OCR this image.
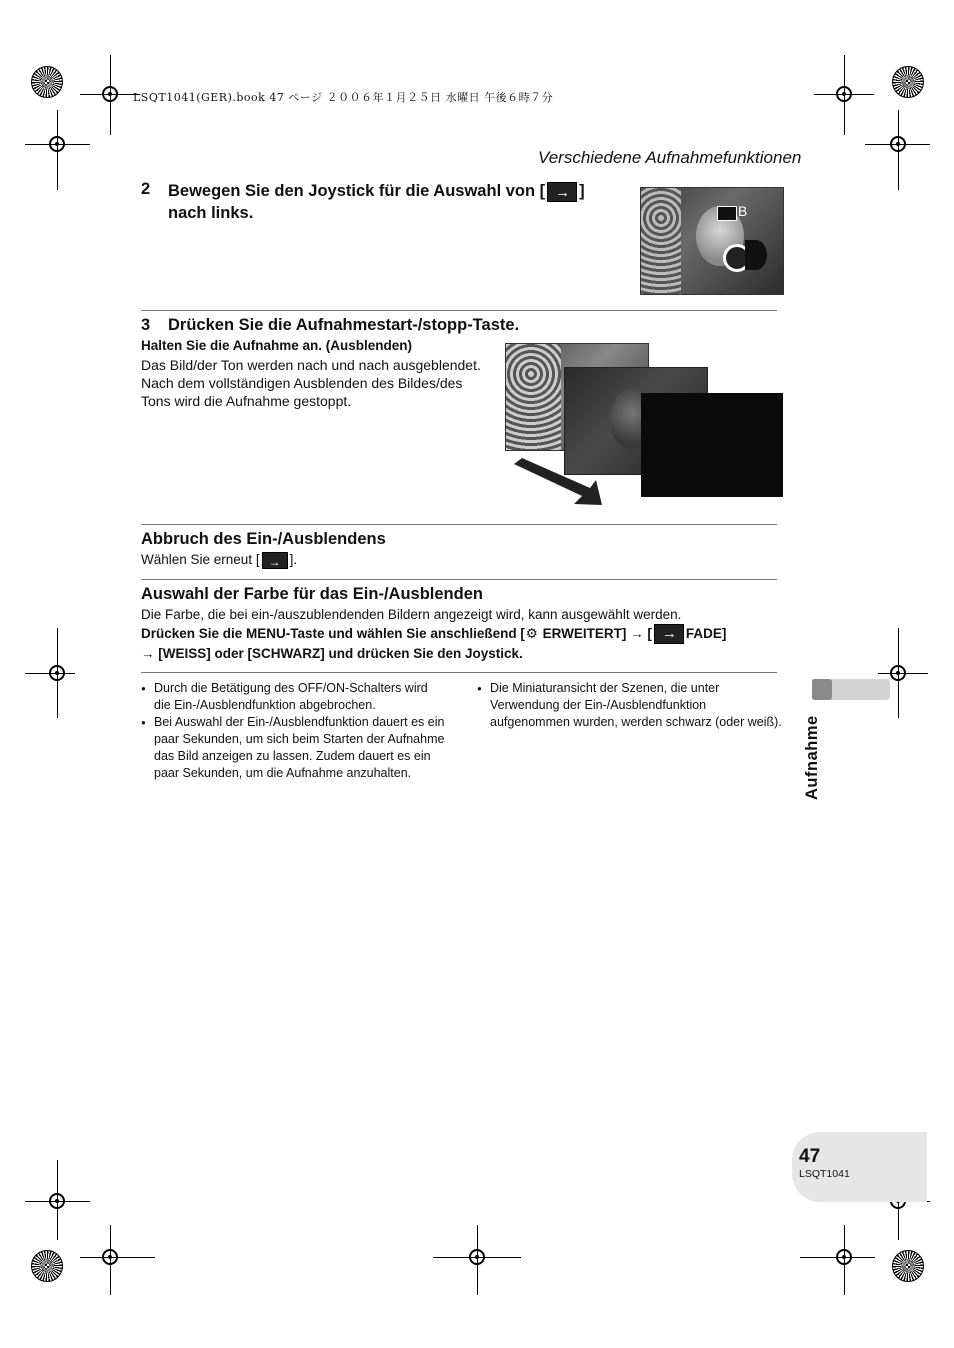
LSQT1041(GER).book 47 ページ ２００６年１月２５日 水曜日 午後６時７分
Verschiedene Aufnahmefunktionen
2 Bewegen Sie den Joystick für die Auswahl von [ → ]
nach links.	B
3 Drücken Sie die Aufnahmestart-/stopp-Taste.
Halten Sie die Aufnahme an. (Ausblenden)
Das Bild/der Ton werden nach und nach ausgeblendet. Nach dem vollständigen Ausblenden des Bildes/des Tons wird die Aufnahme gestoppt.
Abbruch des Ein-/Ausblendens
Wählen Sie erneut [ → ].
Auswahl der Farbe für das Ein-/Ausblenden
Die Farbe, die bei ein-/auszublendenden Bildern angezeigt wird, kann ausgewählt werden.
Drücken Sie die MENU-Taste und wählen Sie anschließend [⚙ ERWEITERT] → [ →	FADE]
→ [WEISS] oder [SCHWARZ] und drücken Sie den Joystick.
● Durch die Betätigung des OFF/ON-Schalters wird die Ein-/Ausblendfunktion abgebrochen.
● Bei Auswahl der Ein-/Ausblendfunktion dauert es ein paar Sekunden, um sich beim Starten der Aufnahme das Bild anzeigen zu lassen. Zudem dauert es ein paar Sekunden, um die Aufnahme anzuhalten.
● Die Miniaturansicht der Szenen, die unter Verwendung der Ein-/Ausblendfunktion aufgenommen wurden, werden schwarz (oder weiß). Aufnahme
47
LSQT1041
